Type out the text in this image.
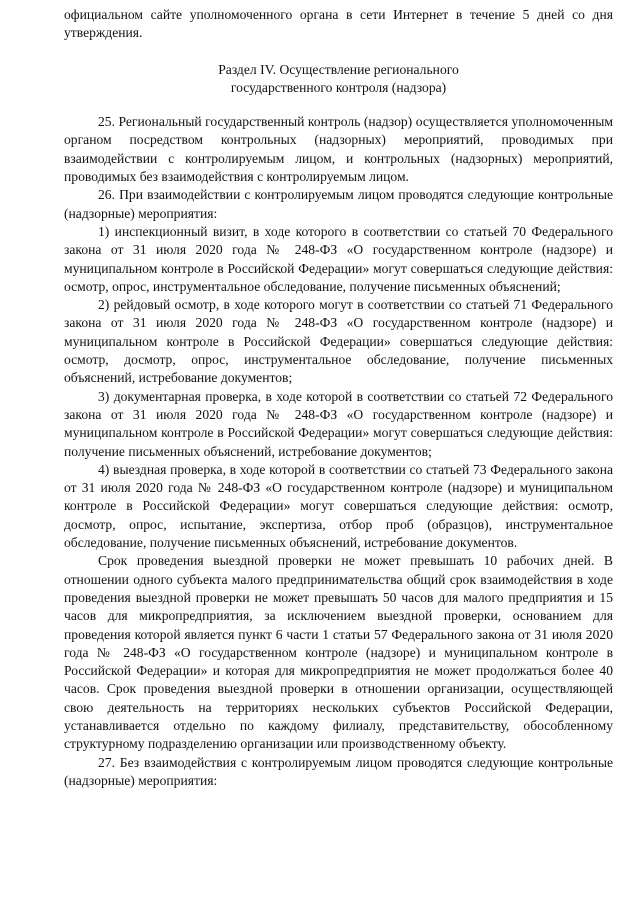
официальном сайте уполномоченного органа в сети Интернет в течение 5 дней со дня утверждения.

Раздел IV. Осуществление регионального
государственного контроля (надзора)

25. Региональный государственный контроль (надзор) осуществляется уполномоченным органом посредством контрольных (надзорных) мероприятий, проводимых при взаимодействии с контролируемым лицом, и контрольных (надзорных) мероприятий, проводимых без взаимодействия с контролируемым лицом.

26. При взаимодействии с контролируемым лицом проводятся следующие контрольные (надзорные) мероприятия:

1) инспекционный визит, в ходе которого в соответствии со статьей 70 Федерального закона от 31 июля 2020 года № 248-ФЗ «О государственном контроле (надзоре) и муниципальном контроле в Российской Федерации» могут совершаться следующие действия: осмотр, опрос, инструментальное обследование, получение письменных объяснений;

2) рейдовый осмотр, в ходе которого могут в соответствии со статьей 71 Федерального закона от 31 июля 2020 года № 248-ФЗ «О государственном контроле (надзоре) и муниципальном контроле в Российской Федерации» совершаться следующие действия: осмотр, досмотр, опрос, инструментальное обследование, получение письменных объяснений, истребование документов;

3) документарная проверка, в ходе которой в соответствии со статьей 72 Федерального закона от 31 июля 2020 года № 248-ФЗ «О государственном контроле (надзоре) и муниципальном контроле в Российской Федерации» могут совершаться следующие действия: получение письменных объяснений, истребование документов;

4) выездная проверка, в ходе которой в соответствии со статьей 73 Федерального закона от 31 июля 2020 года № 248-ФЗ «О государственном контроле (надзоре) и муниципальном контроле в Российской Федерации» могут совершаться следующие действия: осмотр, досмотр, опрос, испытание, экспертиза, отбор проб (образцов), инструментальное обследование, получение письменных объяснений, истребование документов.

Срок проведения выездной проверки не может превышать 10 рабочих дней. В отношении одного субъекта малого предпринимательства общий срок взаимодействия в ходе проведения выездной проверки не может превышать 50 часов для малого предприятия и 15 часов для микропредприятия, за исключением выездной проверки, основанием для проведения которой является пункт 6 части 1 статьи 57 Федерального закона от 31 июля 2020 года № 248-ФЗ «О государственном контроле (надзоре) и муниципальном контроле в Российской Федерации» и которая для микропредприятия не может продолжаться более 40 часов. Срок проведения выездной проверки в отношении организации, осуществляющей свою деятельность на территориях нескольких субъектов Российской Федерации, устанавливается отдельно по каждому филиалу, представительству, обособленному структурному подразделению организации или производственному объекту.

27. Без взаимодействия с контролируемым лицом проводятся следующие контрольные (надзорные) мероприятия:
